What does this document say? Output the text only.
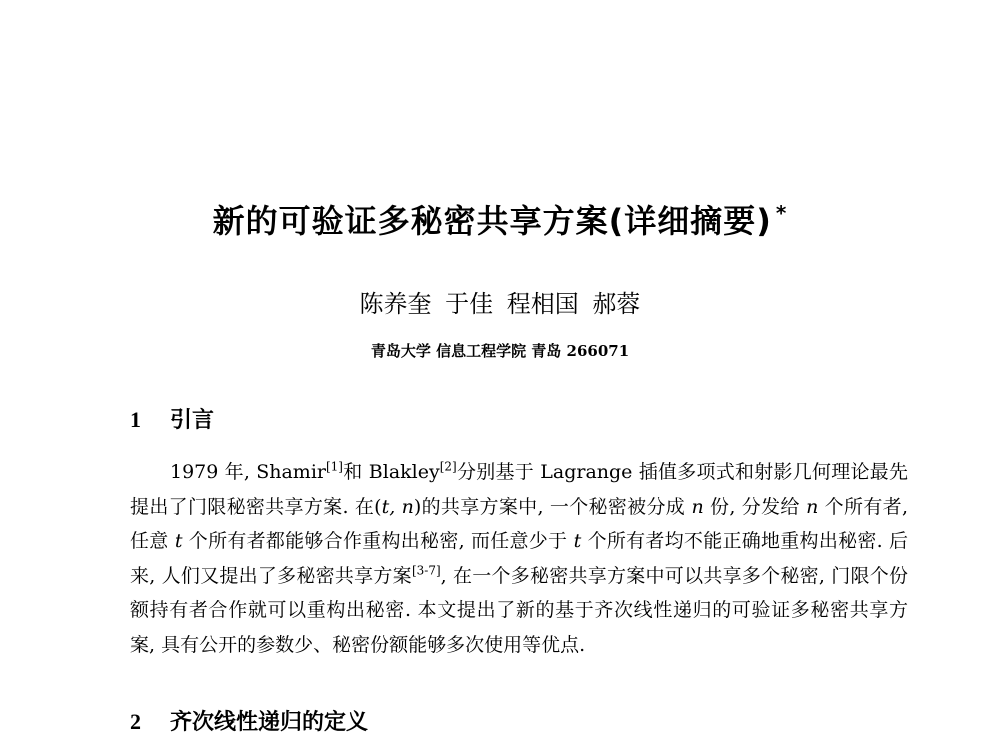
新的可验证多秘密共享方案(详细摘要) *
陈养奎 于佳 程相国 郝蓉
青岛大学 信息工程学院 青岛 266071
1 引言
1979 年, Shamir[1]和 Blakley[2]分别基于 Lagrange 插值多项式和射影几何理论最先提出了门限秘密共享方案. 在(t, n)的共享方案中, 一个秘密被分成 n 份, 分发给 n 个所有者, 任意 t 个所有者都能够合作重构出秘密, 而任意少于 t 个所有者均不能正确地重构出秘密. 后来, 人们又提出了多秘密共享方案[3-7], 在一个多秘密共享方案中可以共享多个秘密, 门限个份额持有者合作就可以重构出秘密. 本文提出了新的基于齐次线性递归的可验证多秘密共享方案, 具有公开的参数少、秘密份额能够多次使用等优点.
2 齐次线性递归的定义
